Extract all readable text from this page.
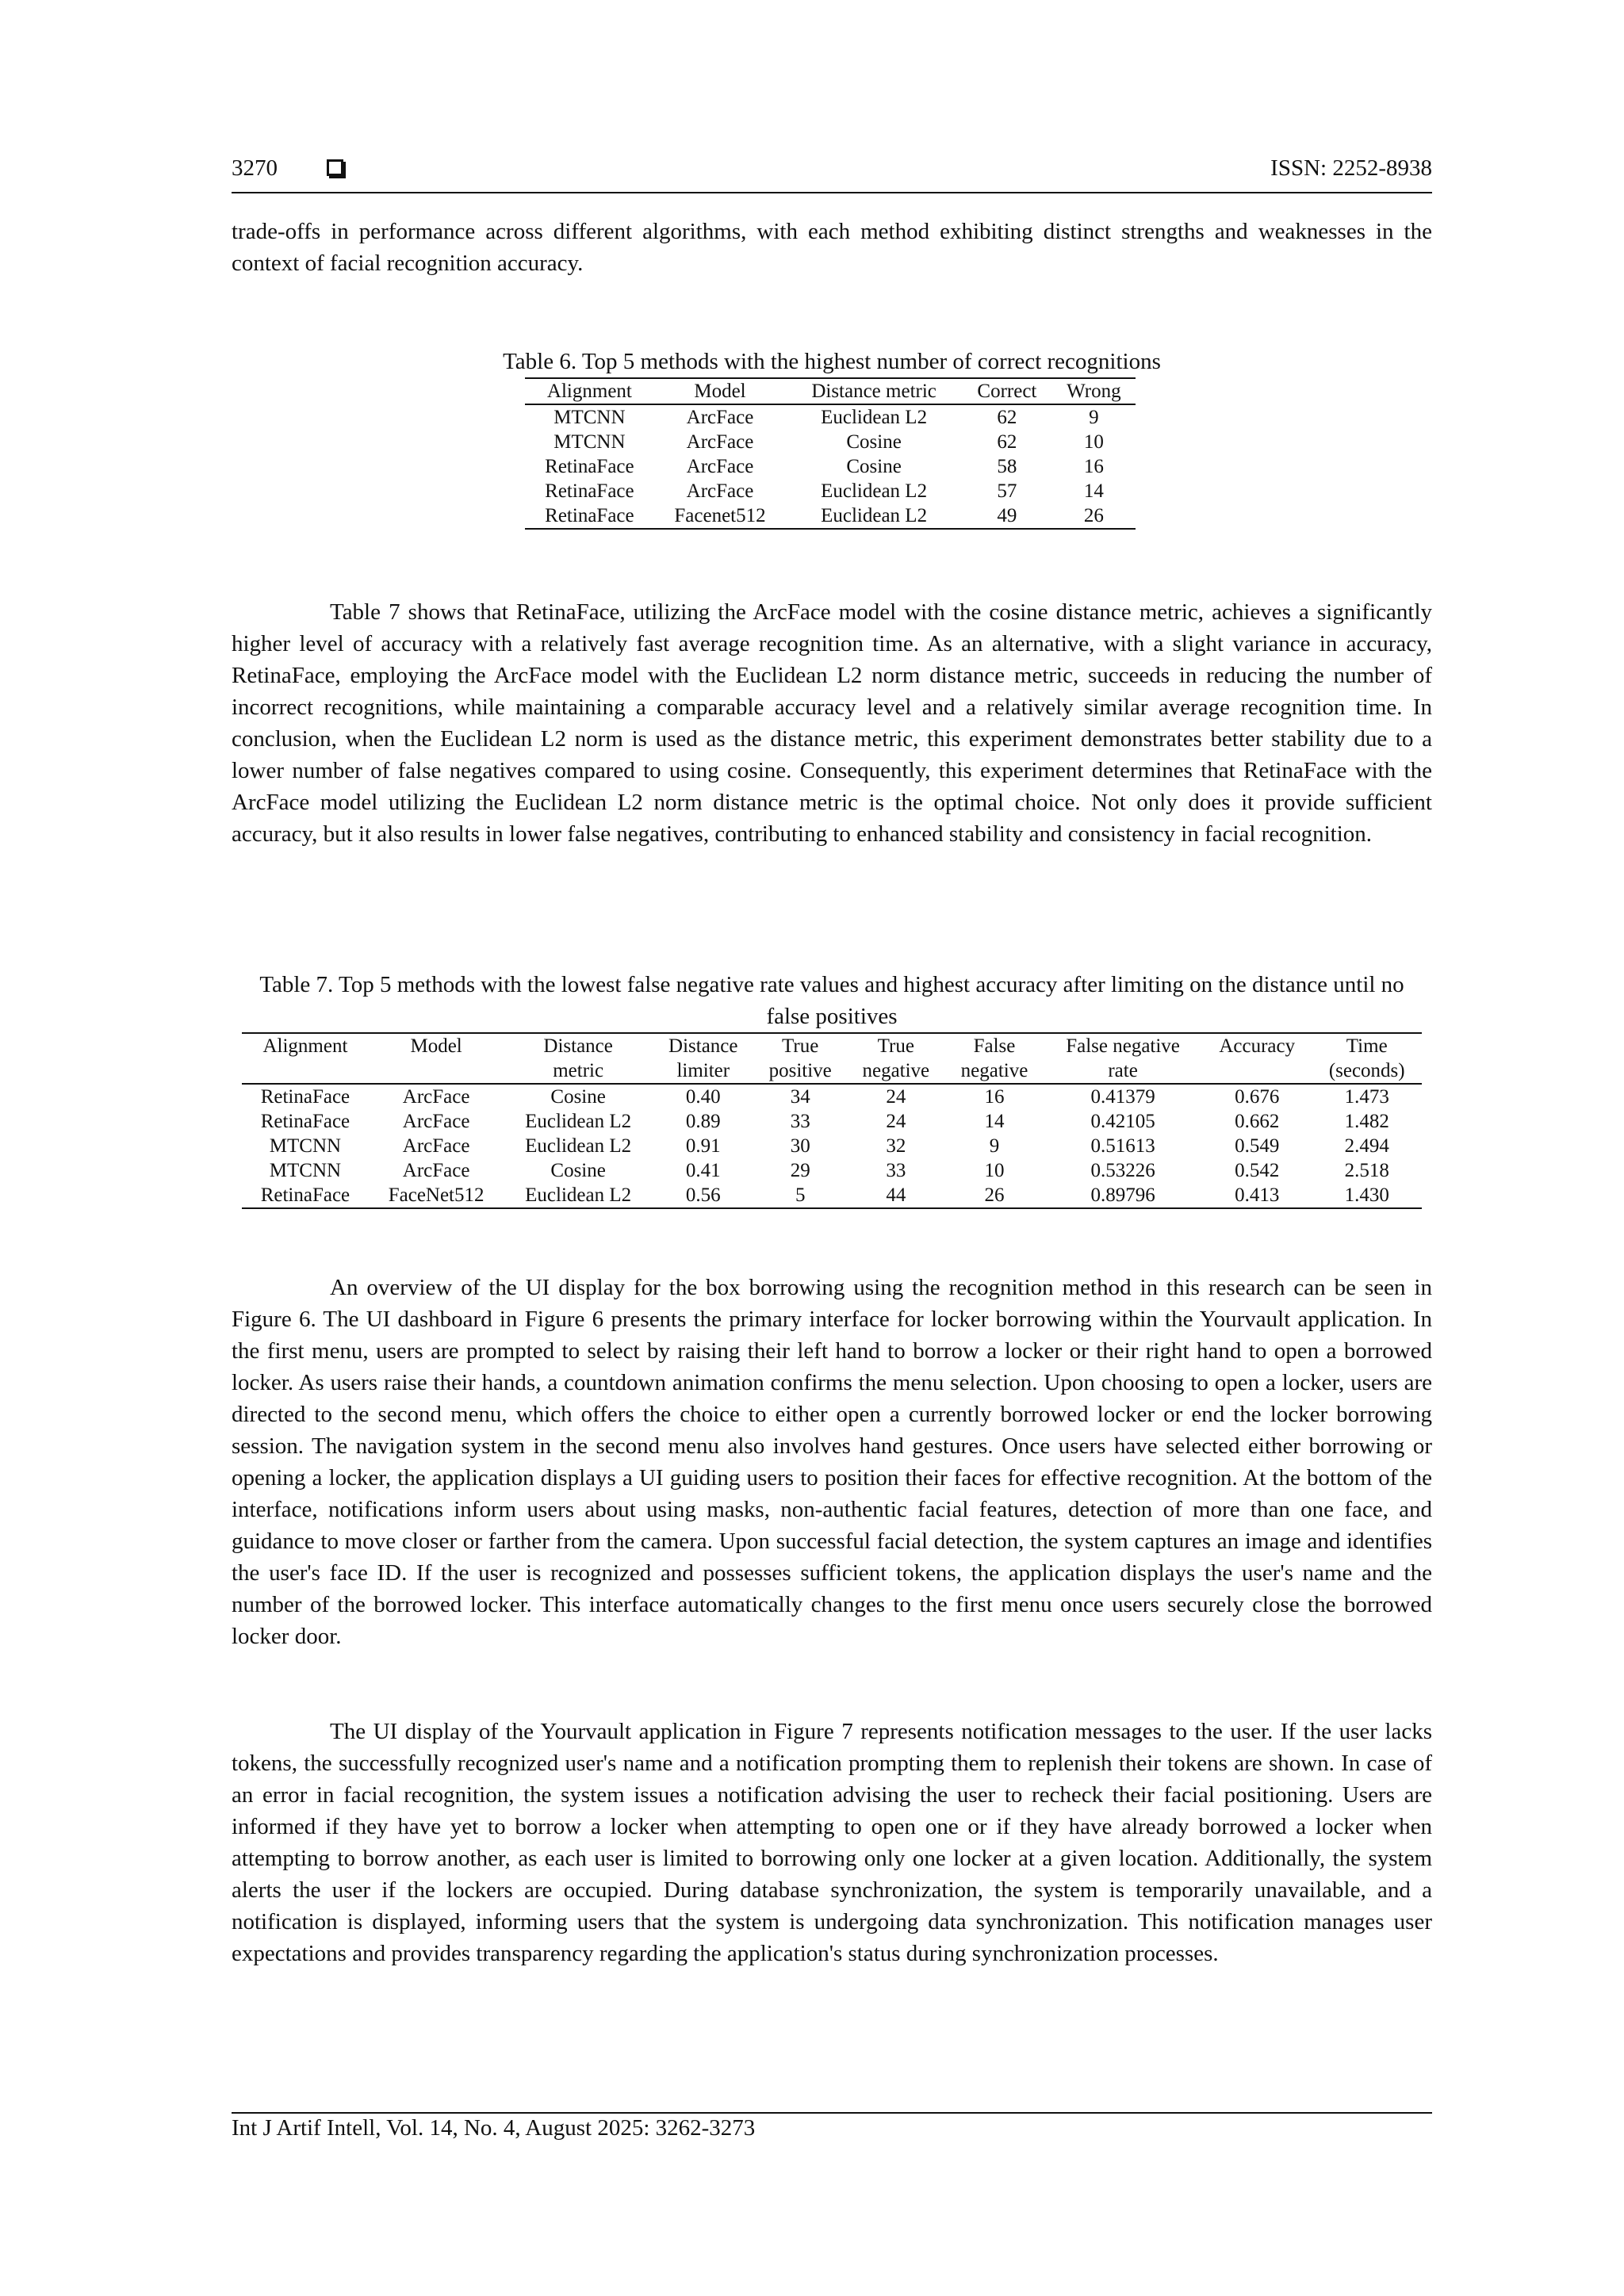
3270	ISSN: 2252-8938

trade-offs in performance across different algorithms, with each method exhibiting distinct strengths and weaknesses in the context of facial recognition accuracy.

Table 6. Top 5 methods with the highest number of correct recognitions

Alignment	Model	Distance metric	Correct	Wrong
MTCNN	ArcFace	Euclidean L2	62	9
MTCNN	ArcFace	Cosine	62	10
RetinaFace	ArcFace	Cosine	58	16
RetinaFace	ArcFace	Euclidean L2	57	14
RetinaFace	Facenet512	Euclidean L2	49	26

Table 7 shows that RetinaFace, utilizing the ArcFace model with the cosine distance metric, achieves a significantly higher level of accuracy with a relatively fast average recognition time. As an alternative, with a slight variance in accuracy, RetinaFace, employing the ArcFace model with the Euclidean L2 norm distance metric, succeeds in reducing the number of incorrect recognitions, while maintaining a comparable accuracy level and a relatively similar average recognition time. In conclusion, when the Euclidean L2 norm is used as the distance metric, this experiment demonstrates better stability due to a lower number of false negatives compared to using cosine. Consequently, this experiment determines that RetinaFace with the ArcFace model utilizing the Euclidean L2 norm distance metric is the optimal choice. Not only does it provide sufficient accuracy, but it also results in lower false negatives, contributing to enhanced stability and consistency in facial recognition.

Table 7. Top 5 methods with the lowest false negative rate values and highest accuracy after limiting on the distance until no false positives

Alignment	Model	Distance	Distance	True	True	False	False negative	Accuracy	Time
		metric	limiter	positive	negative	negative	rate		(seconds)
RetinaFace	ArcFace	Cosine	0.40	34	24	16	0.41379	0.676	1.473
RetinaFace	ArcFace	Euclidean L2	0.89	33	24	14	0.42105	0.662	1.482
MTCNN	ArcFace	Euclidean L2	0.91	30	32	9	0.51613	0.549	2.494
MTCNN	ArcFace	Cosine	0.41	29	33	10	0.53226	0.542	2.518
RetinaFace	FaceNet512	Euclidean L2	0.56	5	44	26	0.89796	0.413	1.430

An overview of the UI display for the box borrowing using the recognition method in this research can be seen in Figure 6. The UI dashboard in Figure 6 presents the primary interface for locker borrowing within the Yourvault application. In the first menu, users are prompted to select by raising their left hand to borrow a locker or their right hand to open a borrowed locker. As users raise their hands, a countdown animation confirms the menu selection. Upon choosing to open a locker, users are directed to the second menu, which offers the choice to either open a currently borrowed locker or end the locker borrowing session. The navigation system in the second menu also involves hand gestures. Once users have selected either borrowing or opening a locker, the application displays a UI guiding users to position their faces for effective recognition. At the bottom of the interface, notifications inform users about using masks, non-authentic facial features, detection of more than one face, and guidance to move closer or farther from the camera. Upon successful facial detection, the system captures an image and identifies the user's face ID. If the user is recognized and possesses sufficient tokens, the application displays the user's name and the number of the borrowed locker. This interface automatically changes to the first menu once users securely close the borrowed locker door.

The UI display of the Yourvault application in Figure 7 represents notification messages to the user. If the user lacks tokens, the successfully recognized user's name and a notification prompting them to replenish their tokens are shown. In case of an error in facial recognition, the system issues a notification advising the user to recheck their facial positioning. Users are informed if they have yet to borrow a locker when attempting to open one or if they have already borrowed a locker when attempting to borrow another, as each user is limited to borrowing only one locker at a given location. Additionally, the system alerts the user if the lockers are occupied. During database synchronization, the system is temporarily unavailable, and a notification is displayed, informing users that the system is undergoing data synchronization. This notification manages user expectations and provides transparency regarding the application's status during synchronization processes.

Int J Artif Intell, Vol. 14, No. 4, August 2025: 3262-3273
